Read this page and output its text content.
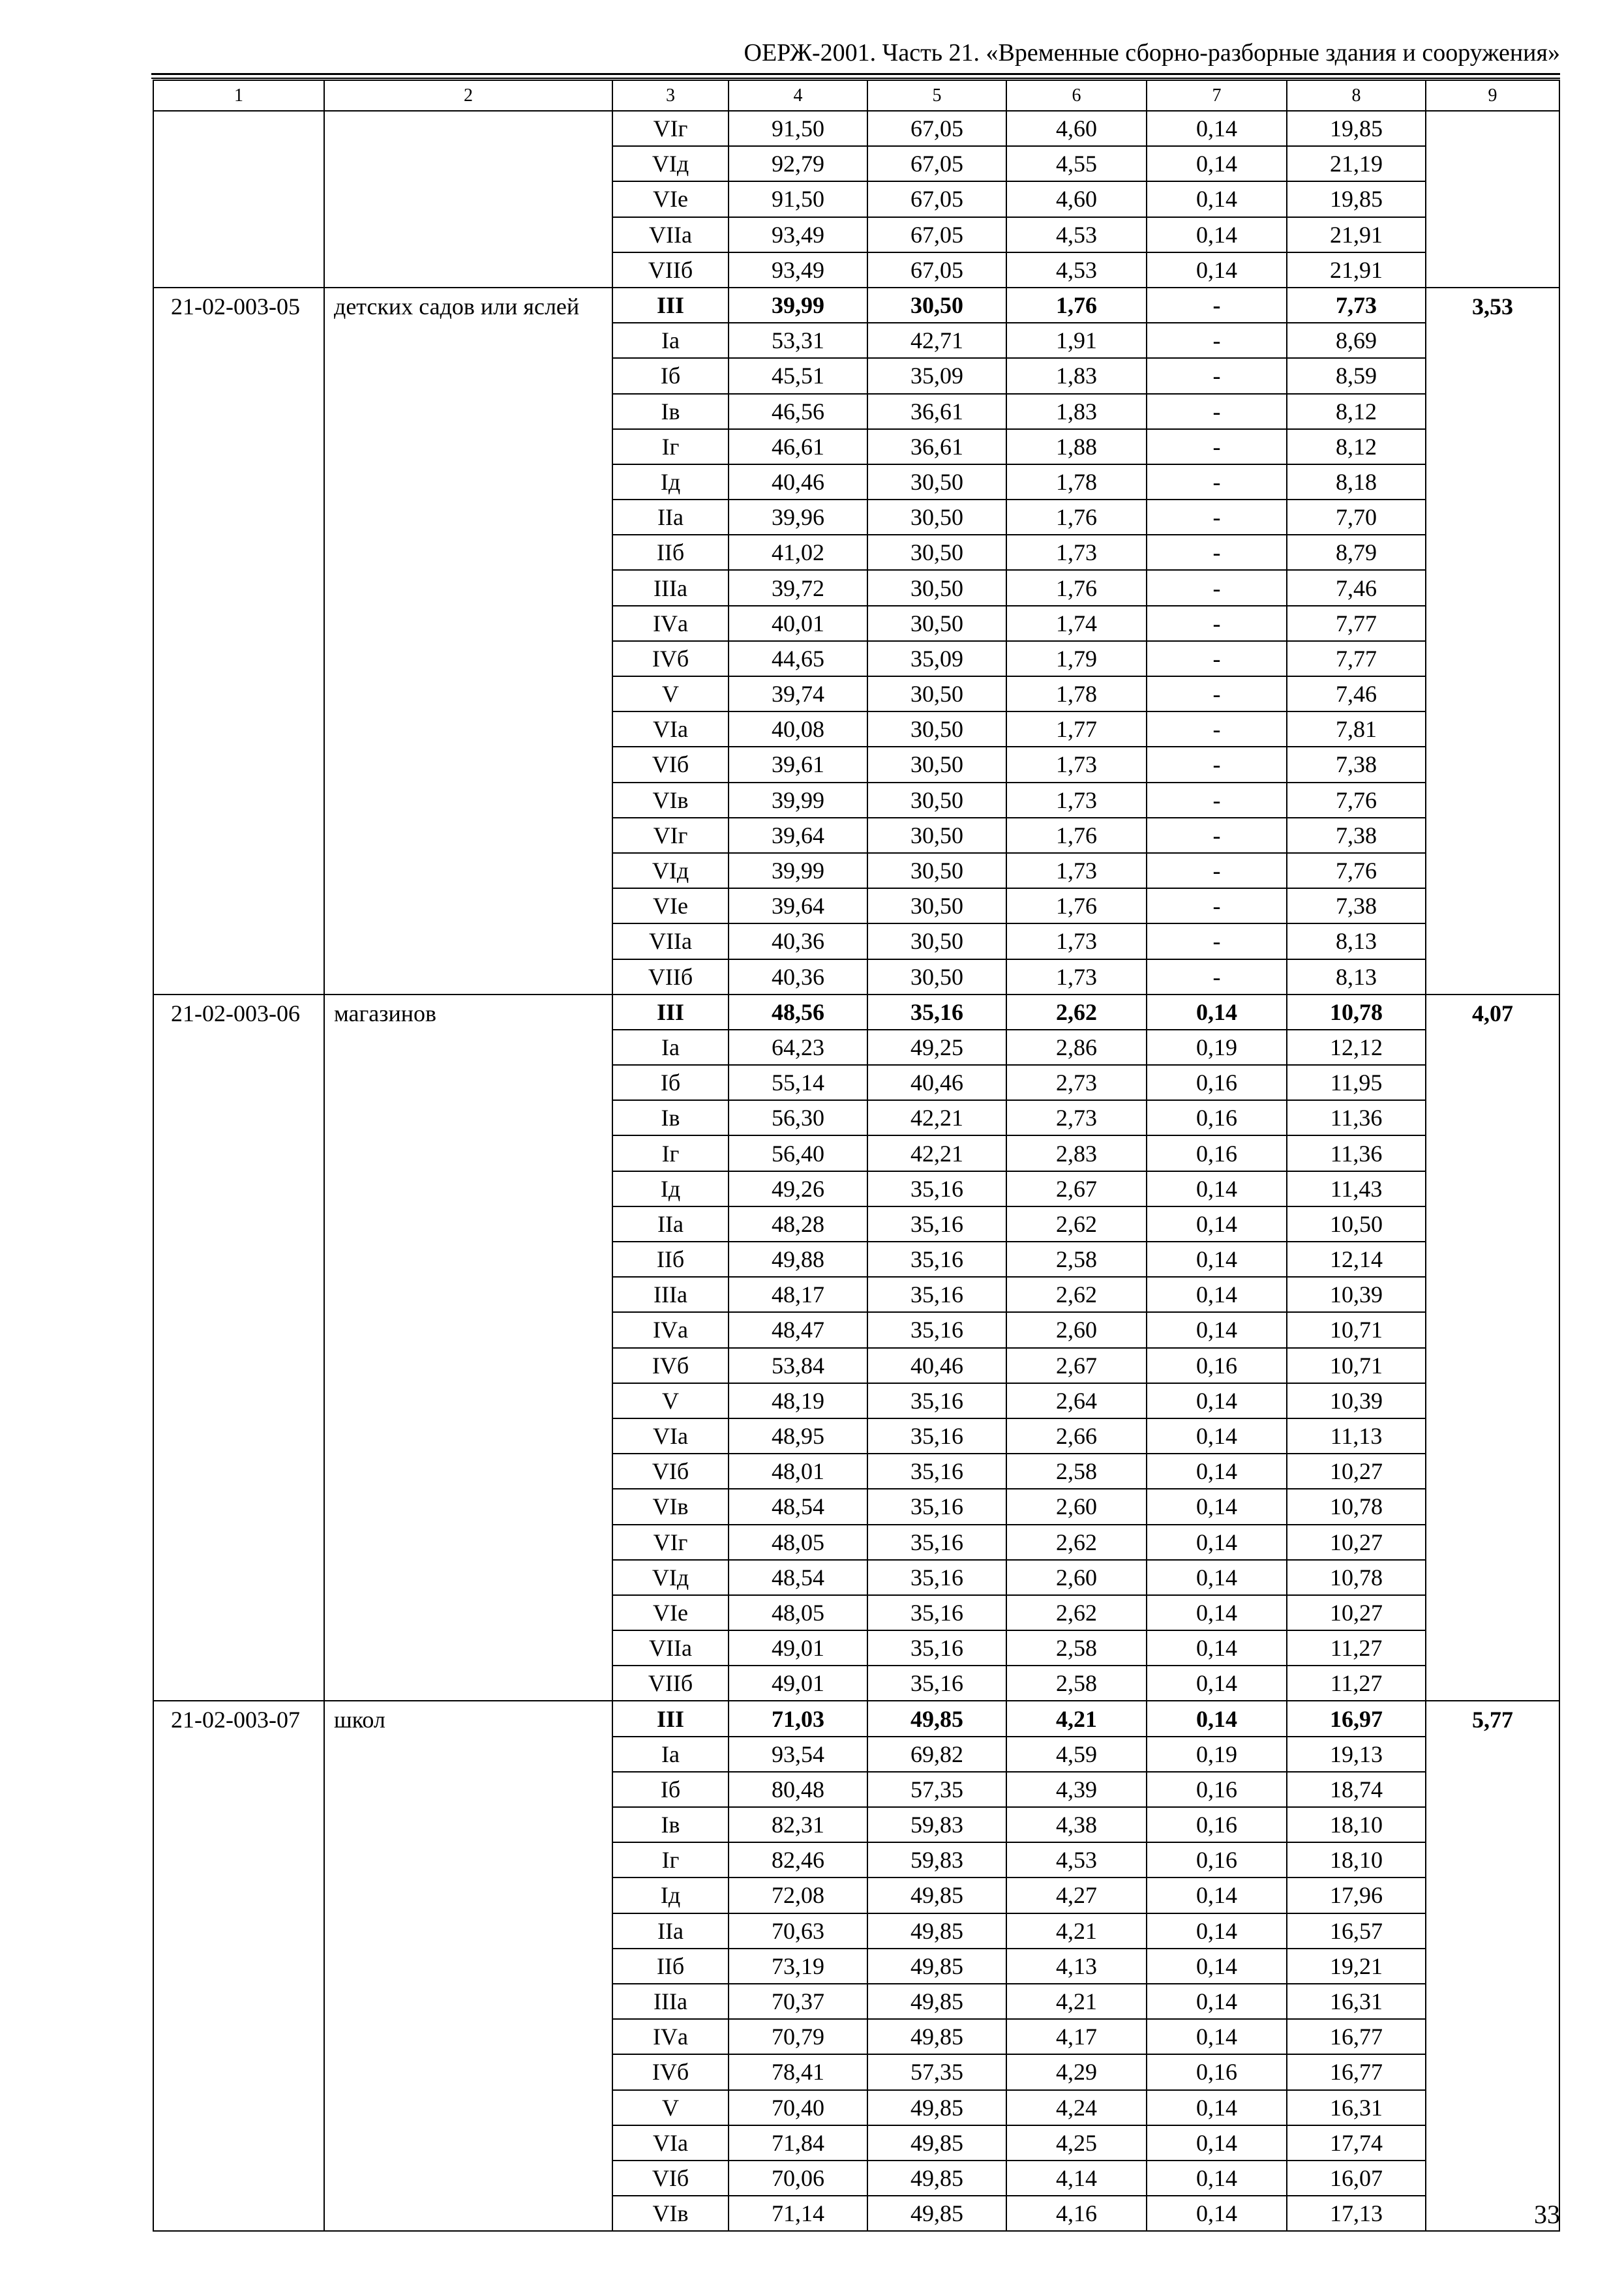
ОЕРЖ-2001. Часть 21. «Временные сборно-разборные здания и сооружения»
1	2	3	4	5	6	7	8	9
		VIг	91,50	67,05	4,60	0,14	19,85	
		VIд	92,79	67,05	4,55	0,14	21,19	
		VIе	91,50	67,05	4,60	0,14	19,85	
		VIIа	93,49	67,05	4,53	0,14	21,91	
		VIIб	93,49	67,05	4,53	0,14	21,91	
21-02-003-05	детских садов или яслей	III	39,99	30,50	1,76	-	7,73	3,53
		Iа	53,31	42,71	1,91	-	8,69	
		Iб	45,51	35,09	1,83	-	8,59	
		Iв	46,56	36,61	1,83	-	8,12	
		Iг	46,61	36,61	1,88	-	8,12	
		Iд	40,46	30,50	1,78	-	8,18	
		IIа	39,96	30,50	1,76	-	7,70	
		IIб	41,02	30,50	1,73	-	8,79	
		IIIа	39,72	30,50	1,76	-	7,46	
		IVа	40,01	30,50	1,74	-	7,77	
		IVб	44,65	35,09	1,79	-	7,77	
		V	39,74	30,50	1,78	-	7,46	
		VIа	40,08	30,50	1,77	-	7,81	
		VIб	39,61	30,50	1,73	-	7,38	
		VIв	39,99	30,50	1,73	-	7,76	
		VIг	39,64	30,50	1,76	-	7,38	
		VIд	39,99	30,50	1,73	-	7,76	
		VIе	39,64	30,50	1,76	-	7,38	
		VIIа	40,36	30,50	1,73	-	8,13	
		VIIб	40,36	30,50	1,73	-	8,13	
21-02-003-06	магазинов	III	48,56	35,16	2,62	0,14	10,78	4,07
		Iа	64,23	49,25	2,86	0,19	12,12	
		Iб	55,14	40,46	2,73	0,16	11,95	
		Iв	56,30	42,21	2,73	0,16	11,36	
		Iг	56,40	42,21	2,83	0,16	11,36	
		Iд	49,26	35,16	2,67	0,14	11,43	
		IIа	48,28	35,16	2,62	0,14	10,50	
		IIб	49,88	35,16	2,58	0,14	12,14	
		IIIа	48,17	35,16	2,62	0,14	10,39	
		IVа	48,47	35,16	2,60	0,14	10,71	
		IVб	53,84	40,46	2,67	0,16	10,71	
		V	48,19	35,16	2,64	0,14	10,39	
		VIа	48,95	35,16	2,66	0,14	11,13	
		VIб	48,01	35,16	2,58	0,14	10,27	
		VIв	48,54	35,16	2,60	0,14	10,78	
		VIг	48,05	35,16	2,62	0,14	10,27	
		VIд	48,54	35,16	2,60	0,14	10,78	
		VIе	48,05	35,16	2,62	0,14	10,27	
		VIIа	49,01	35,16	2,58	0,14	11,27	
		VIIб	49,01	35,16	2,58	0,14	11,27	
21-02-003-07	школ	III	71,03	49,85	4,21	0,14	16,97	5,77
		Iа	93,54	69,82	4,59	0,19	19,13	
		Iб	80,48	57,35	4,39	0,16	18,74	
		Iв	82,31	59,83	4,38	0,16	18,10	
		Iг	82,46	59,83	4,53	0,16	18,10	
		Iд	72,08	49,85	4,27	0,14	17,96	
		IIа	70,63	49,85	4,21	0,14	16,57	
		IIб	73,19	49,85	4,13	0,14	19,21	
		IIIа	70,37	49,85	4,21	0,14	16,31	
		IVа	70,79	49,85	4,17	0,14	16,77	
		IVб	78,41	57,35	4,29	0,16	16,77	
		V	70,40	49,85	4,24	0,14	16,31	
		VIа	71,84	49,85	4,25	0,14	17,74	
		VIб	70,06	49,85	4,14	0,14	16,07	
		VIв	71,14	49,85	4,16	0,14	17,13		33
